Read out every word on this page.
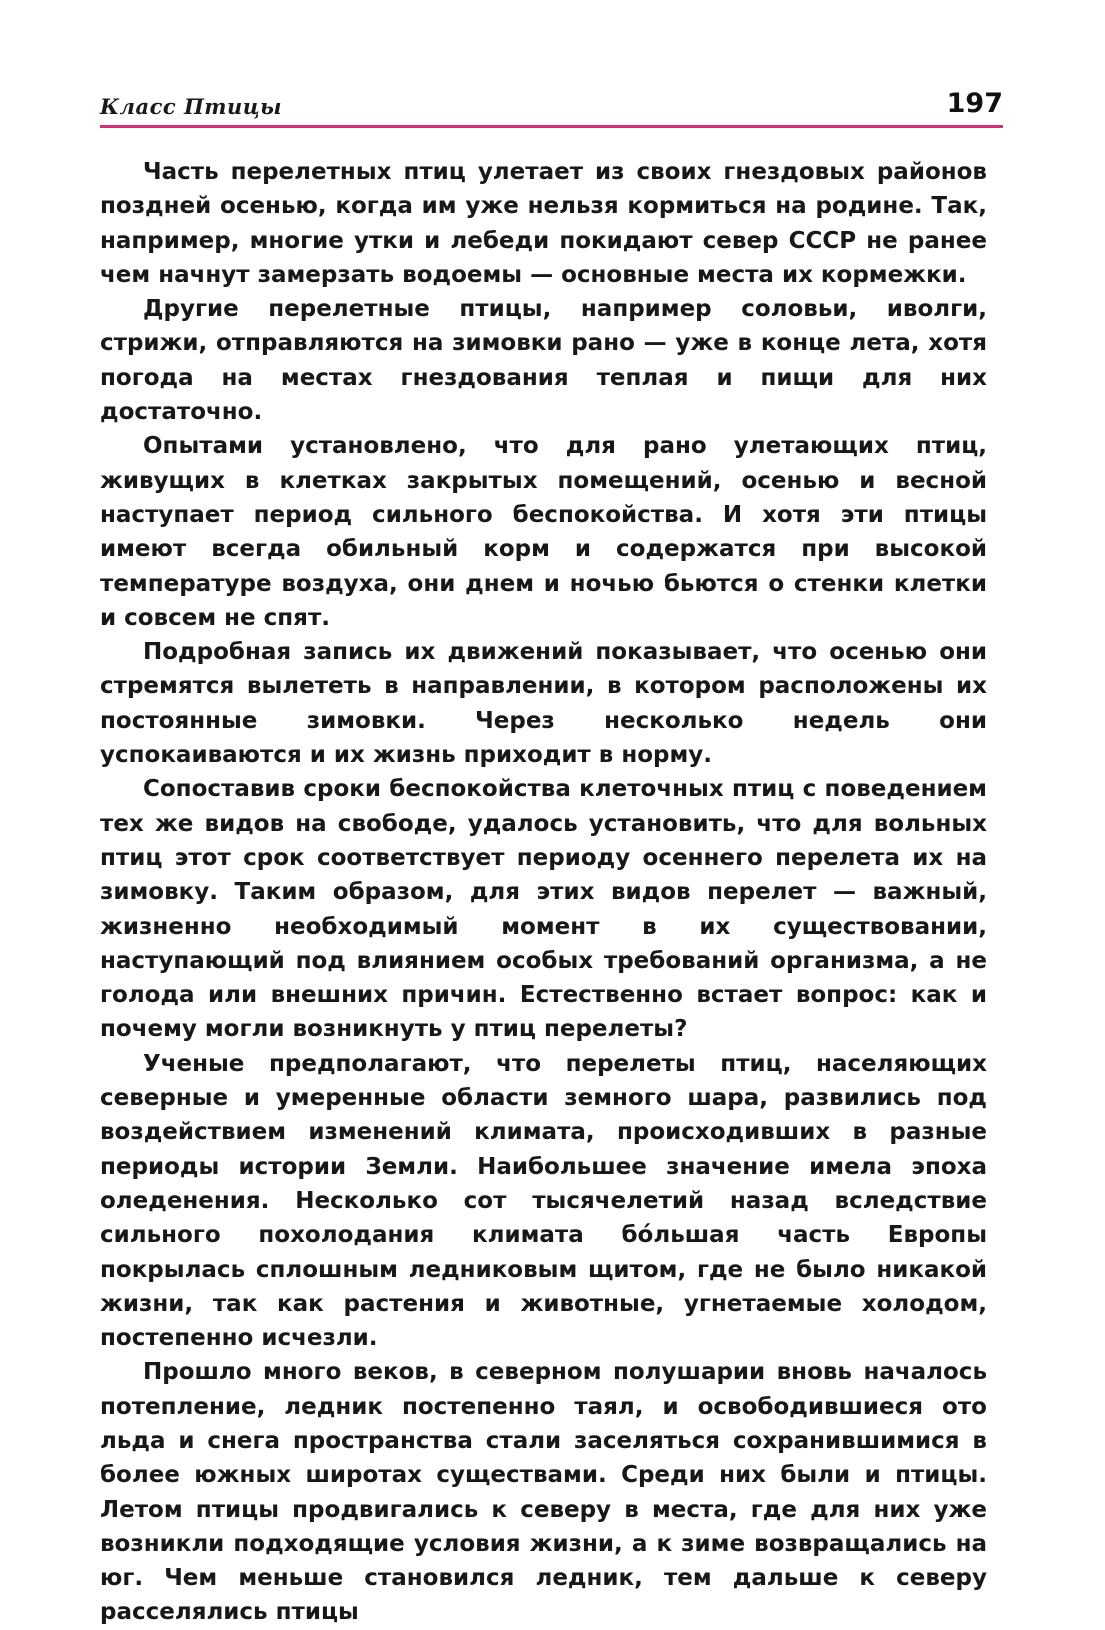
Класс Птицы	197

Часть перелетных птиц улетает из своих гнездовых районов поздней осенью, когда им уже нельзя кормиться на родине. Так, например, многие утки и лебеди покидают север СССР не ранее чем начнут замерзать водоемы — основные места их кормежки.

Другие перелетные птицы, например соловьи, иволги, стрижи, отправляются на зимовки рано — уже в конце лета, хотя погода на местах гнездования теплая и пищи для них достаточно.

Опытами установлено, что для рано улетающих птиц, живущих в клетках закрытых помещений, осенью и весной наступает период сильного беспокойства. И хотя эти птицы имеют всегда обильный корм и содержатся при высокой температуре воздуха, они днем и ночью бьются о стенки клетки и совсем не спят.

Подробная запись их движений показывает, что осенью они стремятся вылететь в направлении, в котором расположены их постоянные зимовки. Через несколько недель они успокаиваются и их жизнь приходит в норму.

Сопоставив сроки беспокойства клеточных птиц с поведением тех же видов на свободе, удалось установить, что для вольных птиц этот срок соответствует периоду осеннего перелета их на зимовку. Таким образом, для этих видов перелет — важный, жизненно необходимый момент в их существовании, наступающий под влиянием особых требований организма, а не голода или внешних причин. Естественно встает вопрос: как и почему могли возникнуть у птиц перелеты?

Ученые предполагают, что перелеты птиц, населяющих северные и умеренные области земного шара, развились под воздействием изменений климата, происходивших в разные периоды истории Земли. Наибольшее значение имела эпоха оледенения. Несколько сот тысячелетий назад вследствие сильного похолодания климата бóльшая часть Европы покрылась сплошным ледниковым щитом, где не было никакой жизни, так как растения и животные, угнетаемые холодом, постепенно исчезли.

Прошло много веков, в северном полушарии вновь началось потепление, ледник постепенно таял, и освободившиеся ото льда и снега пространства стали заселяться сохранившимися в более южных широтах существами. Среди них были и птицы. Летом птицы продвигались к северу в места, где для них уже возникли подходящие условия жизни, а к зиме возвращались на юг. Чем меньше становился ледник, тем дальше к северу расселялись птицы
